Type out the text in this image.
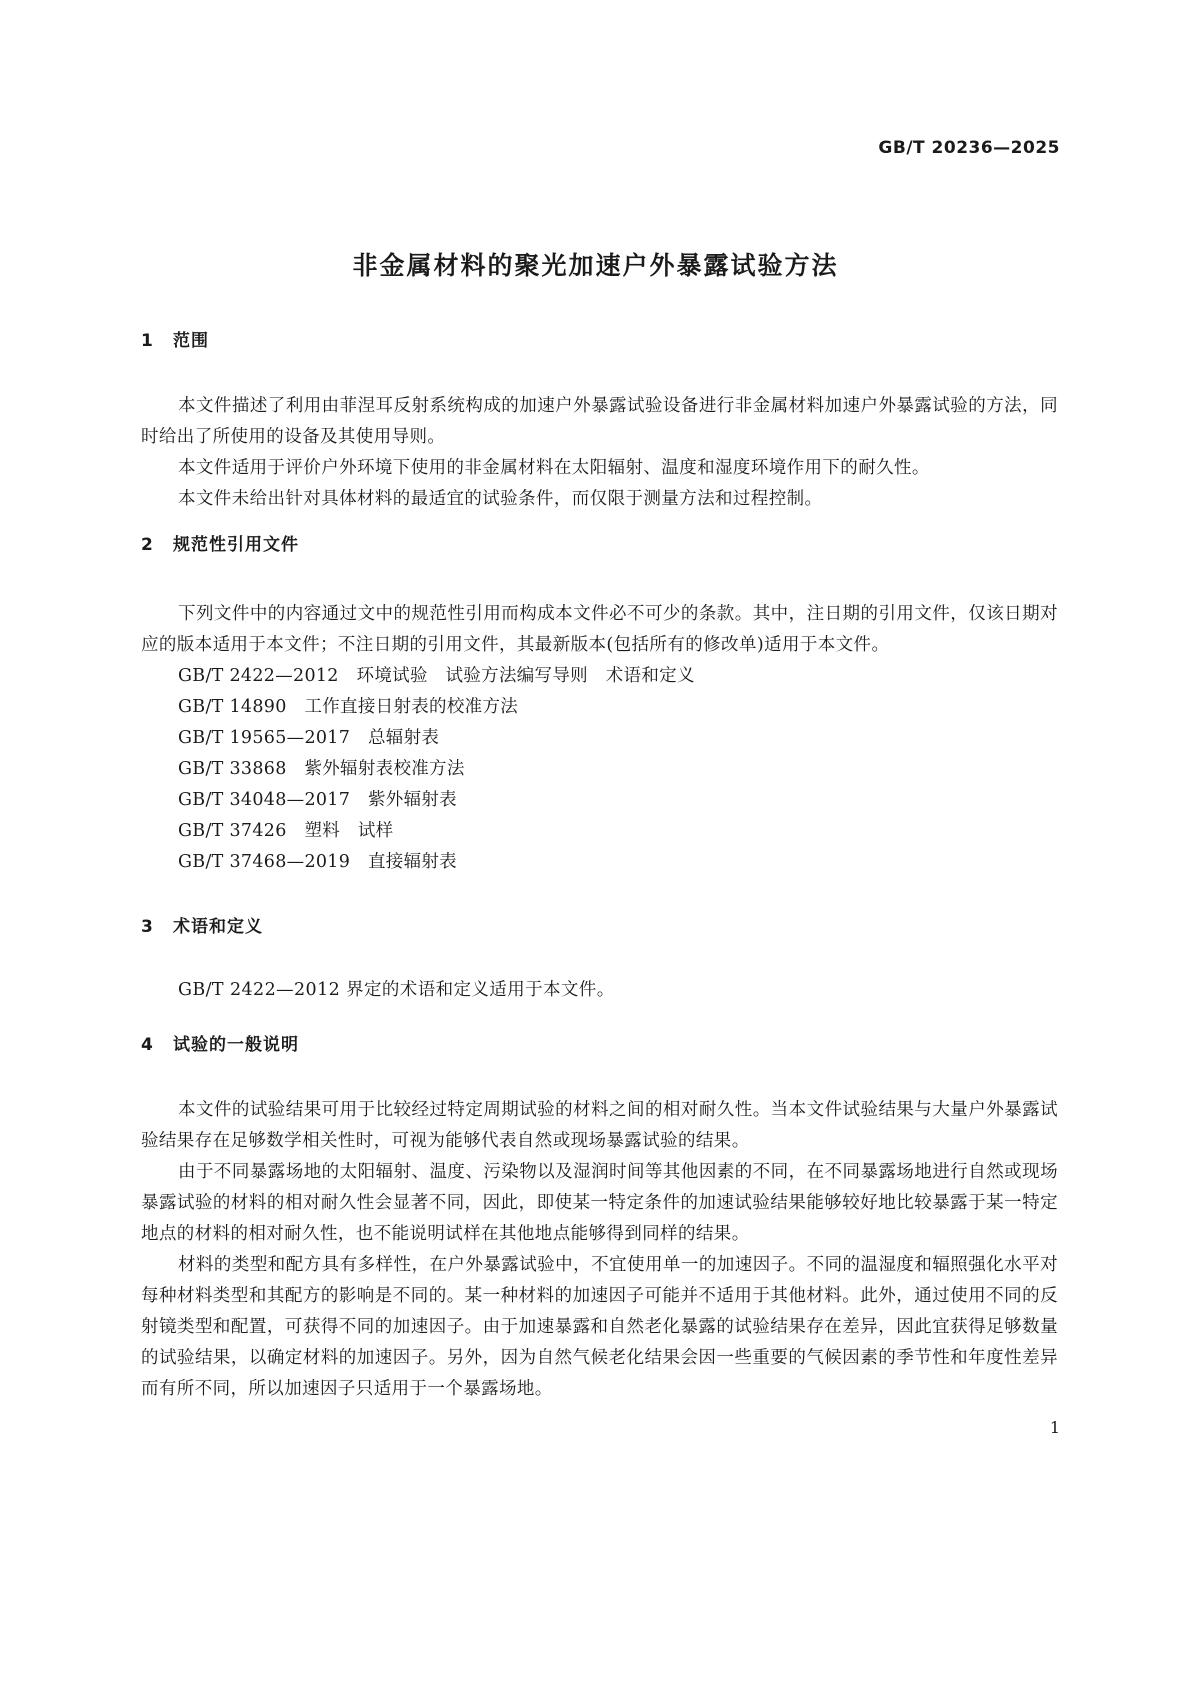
GB/T 20236—2025
非金属材料的聚光加速户外暴露试验方法
1 范围

本文件描述了利用由菲涅耳反射系统构成的加速户外暴露试验设备进行非金属材料加速户外暴露试验的方法，同时给出了所使用的设备及其使用导则。

本文件适用于评价户外环境下使用的非金属材料在太阳辐射、温度和湿度环境作用下的耐久性。

本文件未给出针对具体材料的最适宜的试验条件，而仅限于测量方法和过程控制。

2 规范性引用文件

下列文件中的内容通过文中的规范性引用而构成本文件必不可少的条款。其中，注日期的引用文件，仅该日期对应的版本适用于本文件；不注日期的引用文件，其最新版本(包括所有的修改单)适用于本文件。

GB/T 2422—2012　环境试验　试验方法编写导则　术语和定义
GB/T 14890　工作直接日射表的校准方法
GB/T 19565—2017　总辐射表
GB/T 33868　紫外辐射表校准方法
GB/T 34048—2017　紫外辐射表
GB/T 37426　塑料　试样
GB/T 37468—2019　直接辐射表
3 术语和定义

GB/T 2422—2012 界定的术语和定义适用于本文件。

4 试验的一般说明

本文件的试验结果可用于比较经过特定周期试验的材料之间的相对耐久性。当本文件试验结果与大量户外暴露试验结果存在足够数学相关性时，可视为能够代表自然或现场暴露试验的结果。

由于不同暴露场地的太阳辐射、温度、污染物以及湿润时间等其他因素的不同，在不同暴露场地进行自然或现场暴露试验的材料的相对耐久性会显著不同，因此，即使某一特定条件的加速试验结果能够较好地比较暴露于某一特定地点的材料的相对耐久性，也不能说明试样在其他地点能够得到同样的结果。

材料的类型和配方具有多样性，在户外暴露试验中，不宜使用单一的加速因子。不同的温湿度和辐照强化水平对每种材料类型和其配方的影响是不同的。某一种材料的加速因子可能并不适用于其他材料。此外，通过使用不同的反射镜类型和配置，可获得不同的加速因子。由于加速暴露和自然老化暴露的试验结果存在差异，因此宜获得足够数量的试验结果，以确定材料的加速因子。另外，因为自然气候老化结果会因一些重要的气候因素的季节性和年度性差异而有所不同，所以加速因子只适用于一个暴露场地。

1
